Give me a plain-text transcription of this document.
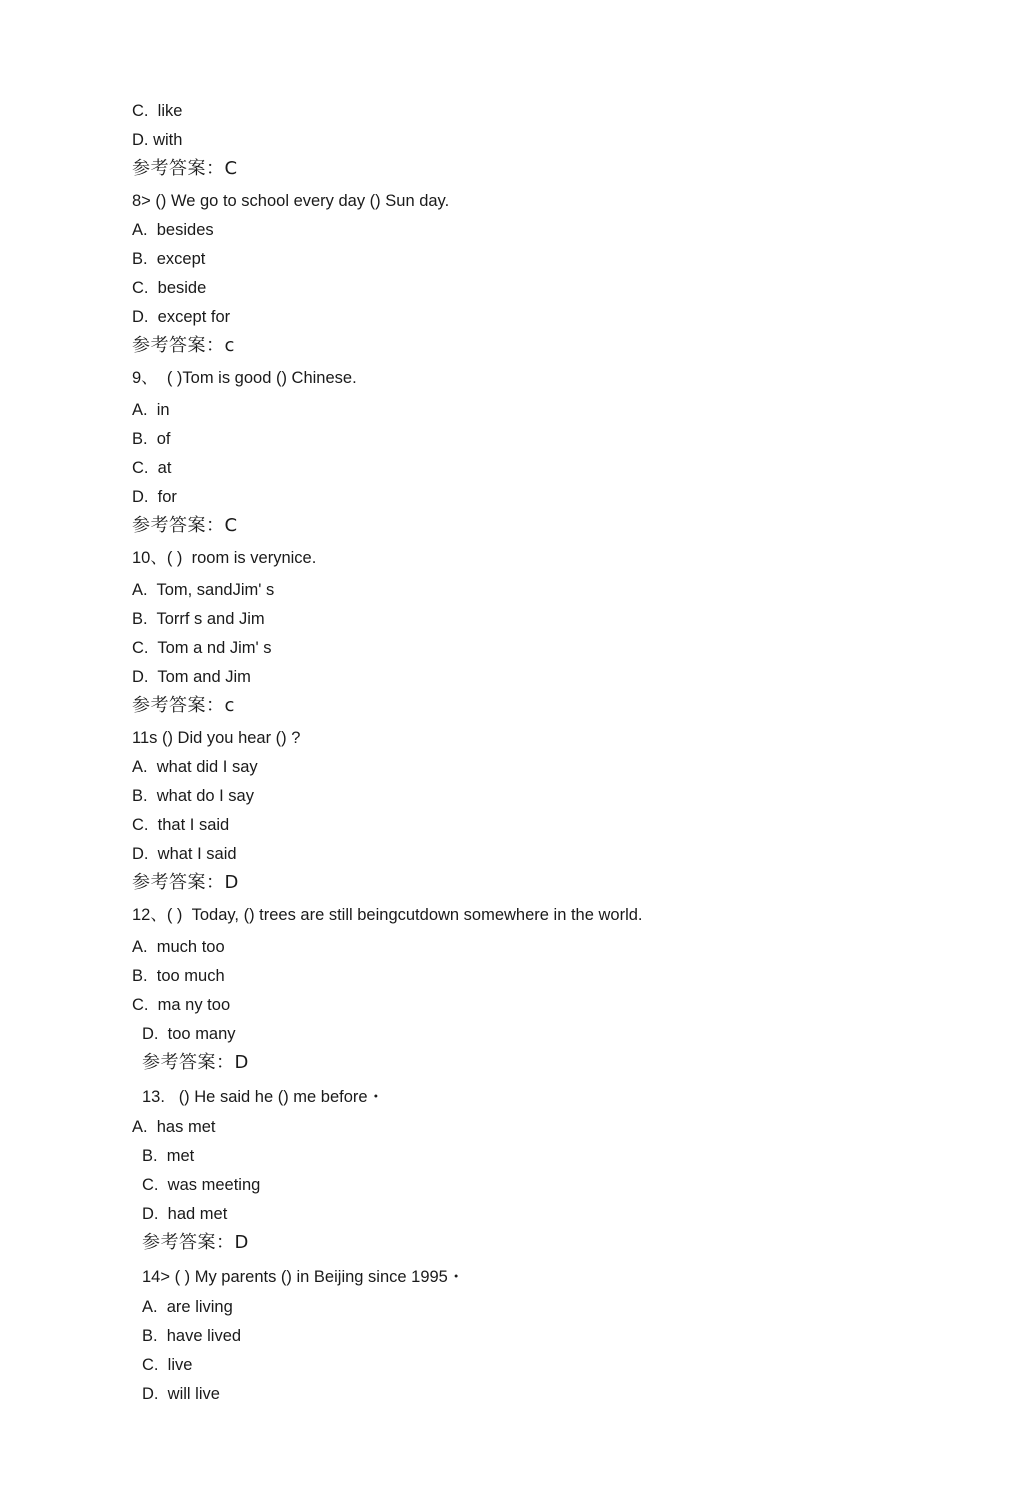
C.  like
D. with
参考答案：C
8> () We go to school every day () Sun day.
A.  besides
B.  except
C.  beside
D.  except for
参考答案：c
9、  ( )Tom is good () Chinese.
A.  in
B.  of
C.  at
D.  for
参考答案：C
10、( )  room is verynice.
A.  Tom, sandJim' s
B.  Torrf s and Jim
C.  Tom a nd Jim' s
D.  Tom and Jim
参考答案：c
11s () Did you hear () ?
A.  what did I say
B.  what do I say
C.  that I said
D.  what I said
参考答案：D
12、( )  Today, () trees are still beingcutdown somewhere in the world.
A.  much too
B.  too much
C.  ma ny too
D.  too many
参考答案：D
13.   () He said he () me before・
A.  has met
B.  met
C.  was meeting
D.  had met
参考答案：D
14> ( ) My parents () in Beijing since 1995・
A.  are living
B.  have lived
C.  live
D.  will live
